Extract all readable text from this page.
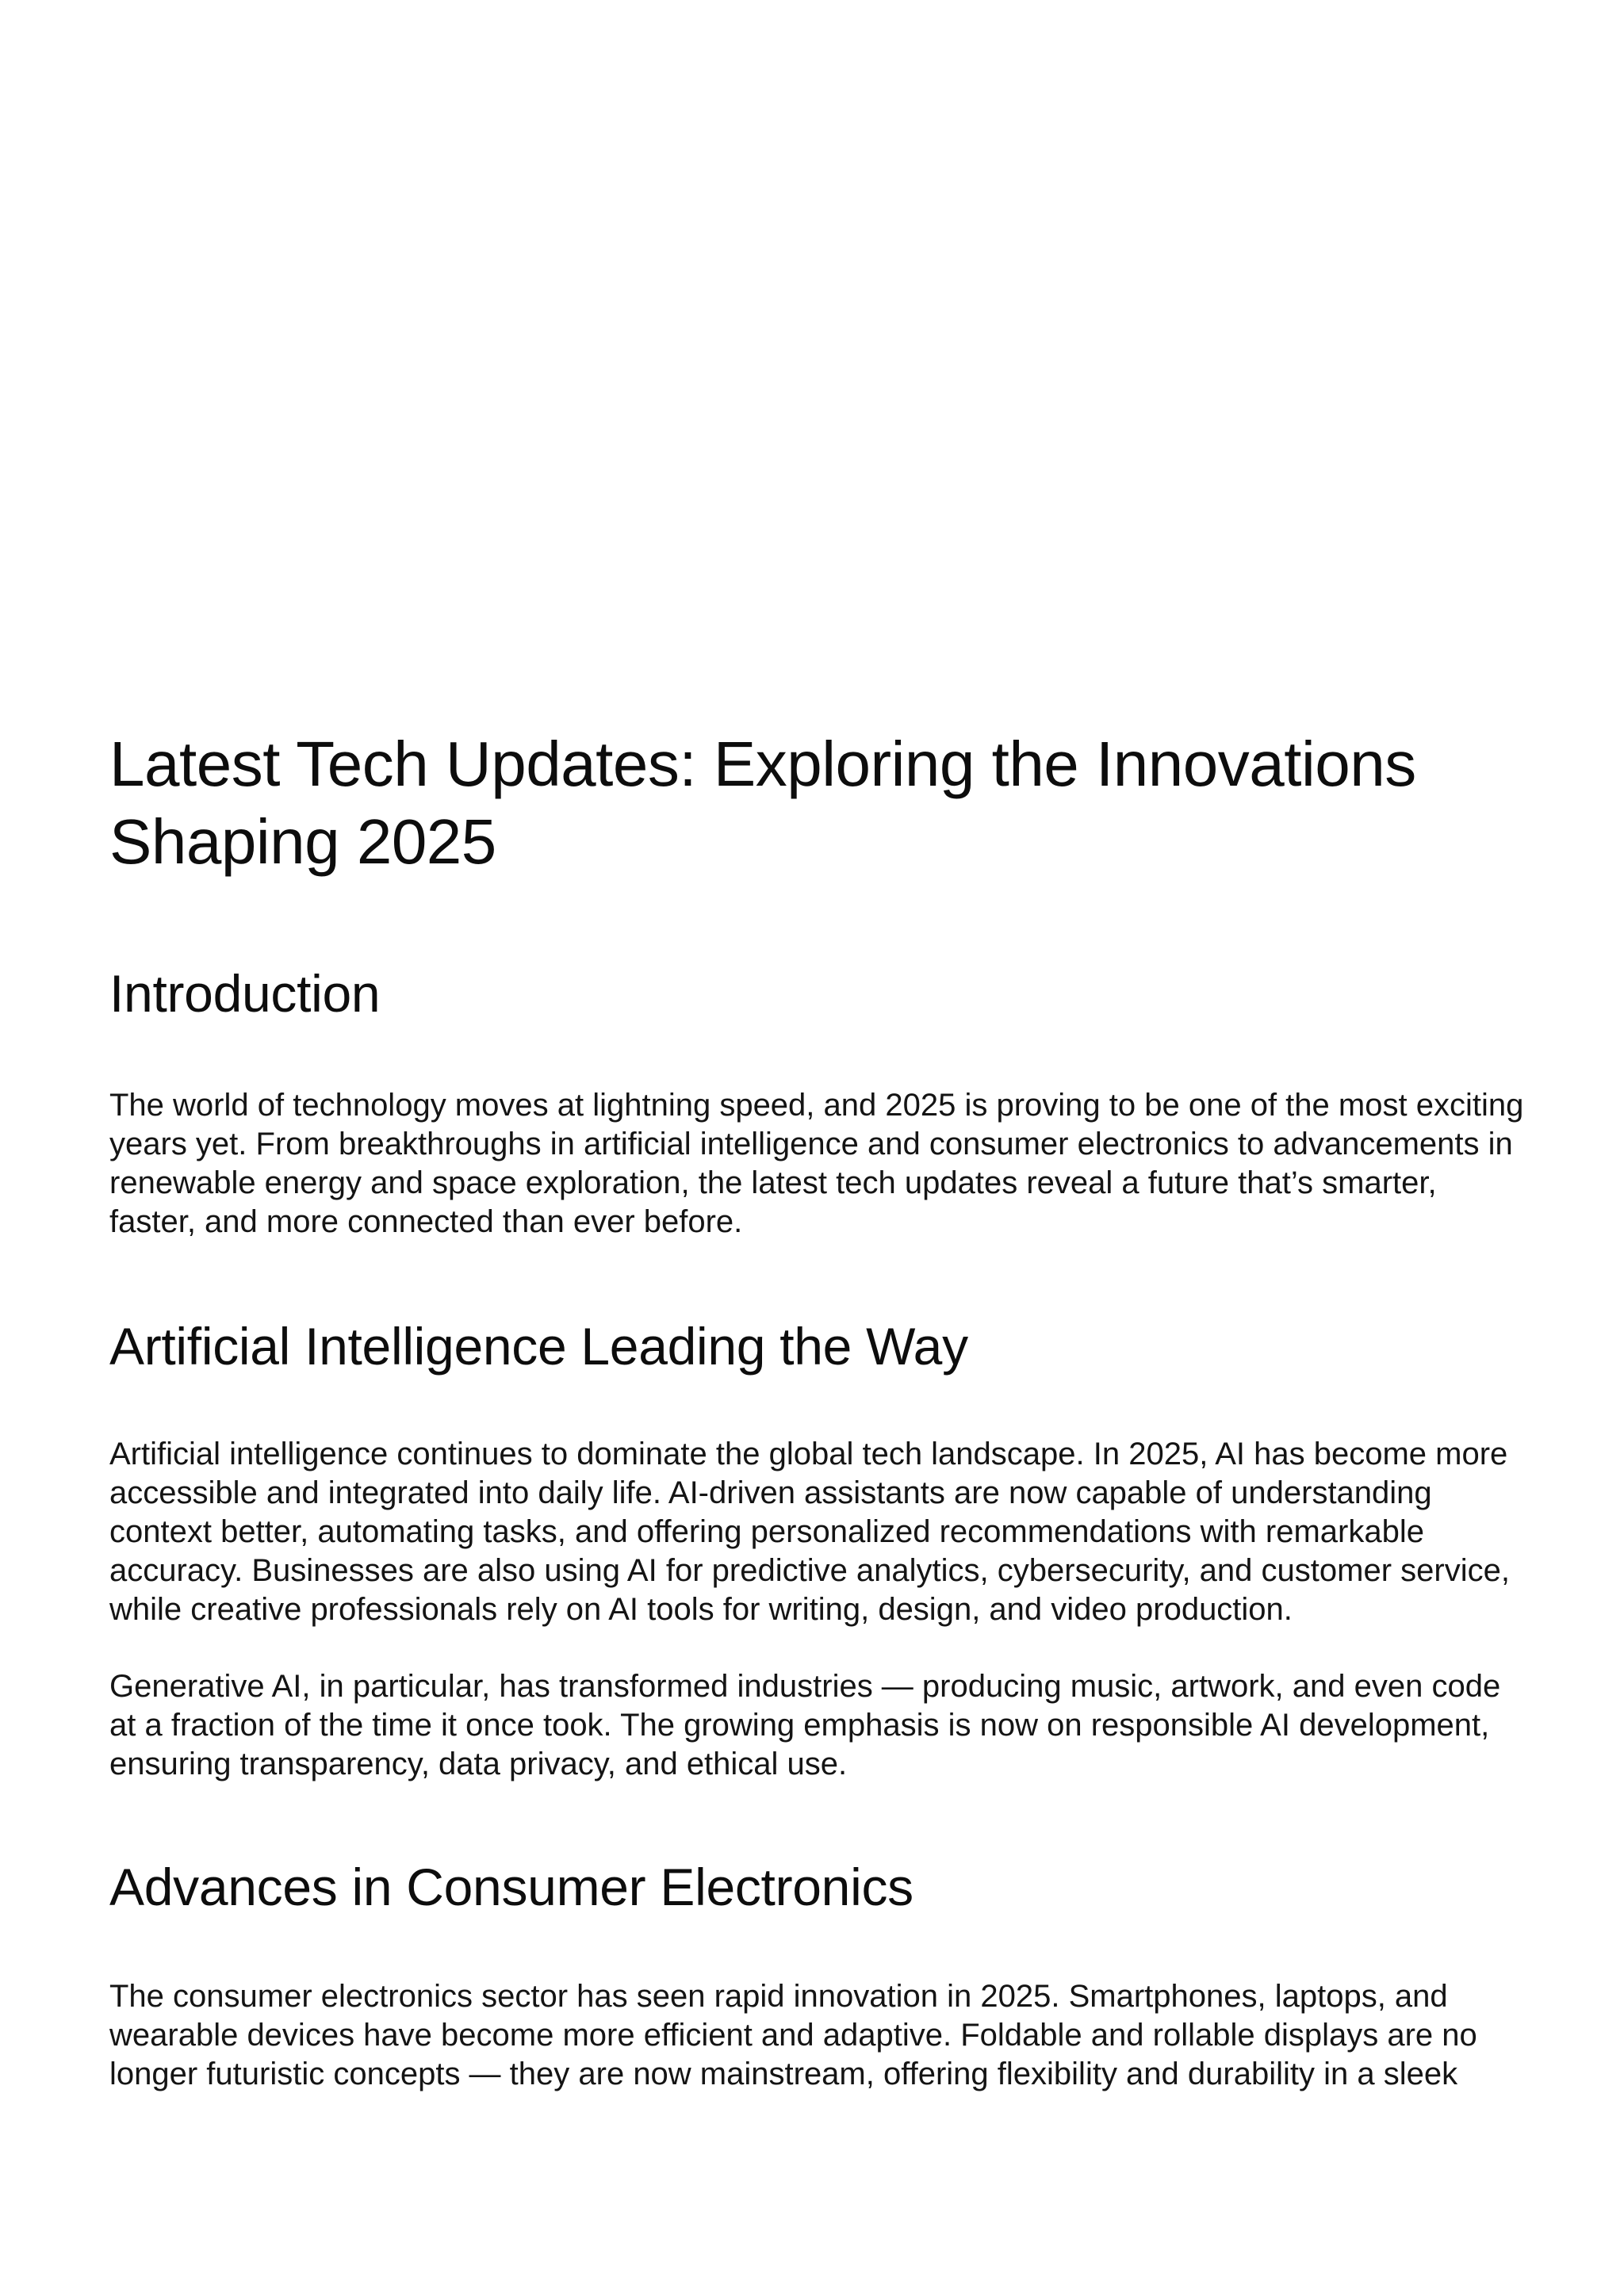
Latest Tech Updates: Exploring the Innovations Shaping 2025
Introduction

The world of technology moves at lightning speed, and 2025 is proving to be one of the most exciting years yet. From breakthroughs in artificial intelligence and consumer electronics to advancements in renewable energy and space exploration, the latest tech updates reveal a future that’s smarter, faster, and more connected than ever before.

Artificial Intelligence Leading the Way

Artificial intelligence continues to dominate the global tech landscape. In 2025, AI has become more accessible and integrated into daily life. AI-driven assistants are now capable of understanding context better, automating tasks, and offering personalized recommendations with remarkable accuracy. Businesses are also using AI for predictive analytics, cybersecurity, and customer service, while creative professionals rely on AI tools for writing, design, and video production.

Generative AI, in particular, has transformed industries — producing music, artwork, and even code at a fraction of the time it once took. The growing emphasis is now on responsible AI development, ensuring transparency, data privacy, and ethical use.

Advances in Consumer Electronics

The consumer electronics sector has seen rapid innovation in 2025. Smartphones, laptops, and wearable devices have become more efficient and adaptive. Foldable and rollable displays are no longer futuristic concepts — they are now mainstream, offering flexibility and durability in a sleek
